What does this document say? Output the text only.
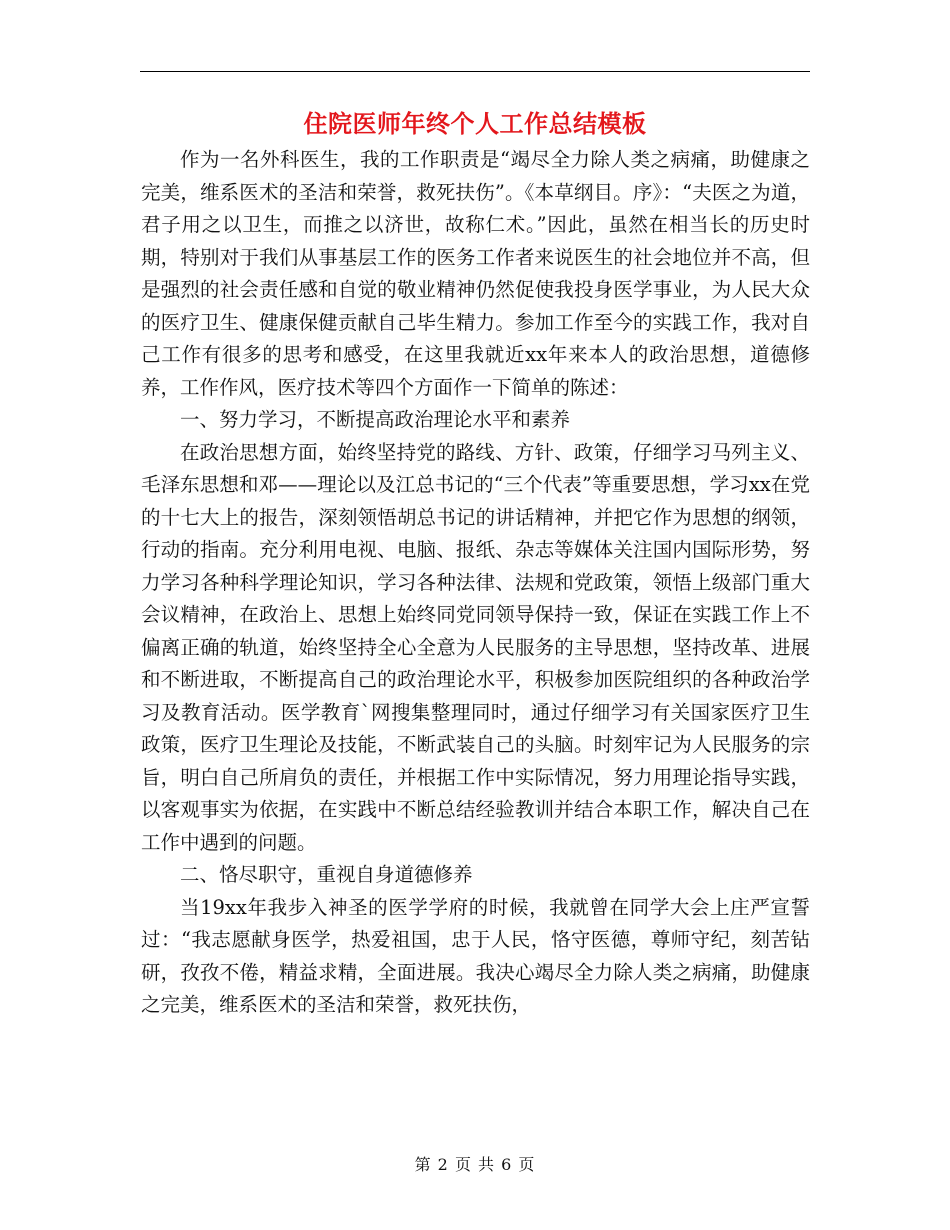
住院医师年终个人工作总结模板

作为一名外科医生，我的工作职责是“竭尽全力除人类之病痛，助健康之完美，维系医术的圣洁和荣誉，救死扶伤”。《本草纲目。序》：“夫医之为道，君子用之以卫生，而推之以济世，故称仁术。”因此，虽然在相当长的历史时期，特别对于我们从事基层工作的医务工作者来说医生的社会地位并不高，但是强烈的社会责任感和自觉的敬业精神仍然促使我投身医学事业，为人民大众的医疗卫生、健康保健贡献自己毕生精力。参加工作至今的实践工作，我对自己工作有很多的思考和感受，在这里我就近xx年来本人的政治思想，道德修养，工作作风，医疗技术等四个方面作一下简单的陈述：

一、努力学习，不断提高政治理论水平和素养

在政治思想方面，始终坚持党的路线、方针、政策，仔细学习马列主义、毛泽东思想和邓——理论以及江总书记的“三个代表”等重要思想，学习xx在党的十七大上的报告，深刻领悟胡总书记的讲话精神，并把它作为思想的纲领，行动的指南。充分利用电视、电脑、报纸、杂志等媒体关注国内国际形势，努力学习各种科学理论知识，学习各种法律、法规和党政策，领悟上级部门重大会议精神，在政治上、思想上始终同党同领导保持一致，保证在实践工作上不偏离正确的轨道，始终坚持全心全意为人民服务的主导思想，坚持改革、进展和不断进取，不断提高自己的政治理论水平，积极参加医院组织的各种政治学习及教育活动。医学教育`网搜集整理同时，通过仔细学习有关国家医疗卫生政策，医疗卫生理论及技能，不断武装自己的头脑。时刻牢记为人民服务的宗旨，明白自己所肩负的责任，并根据工作中实际情况，努力用理论指导实践，以客观事实为依据，在实践中不断总结经验教训并结合本职工作，解决自己在工作中遇到的问题。

二、恪尽职守，重视自身道德修养

当19xx年我步入神圣的医学学府的时候，我就曾在同学大会上庄严宣誓过：“我志愿献身医学，热爱祖国，忠于人民，恪守医德，尊师守纪，刻苦钻研，孜孜不倦，精益求精，全面进展。我决心竭尽全力除人类之病痛，助健康之完美，维系医术的圣洁和荣誉，救死扶伤，

第 2 页 共 6 页
